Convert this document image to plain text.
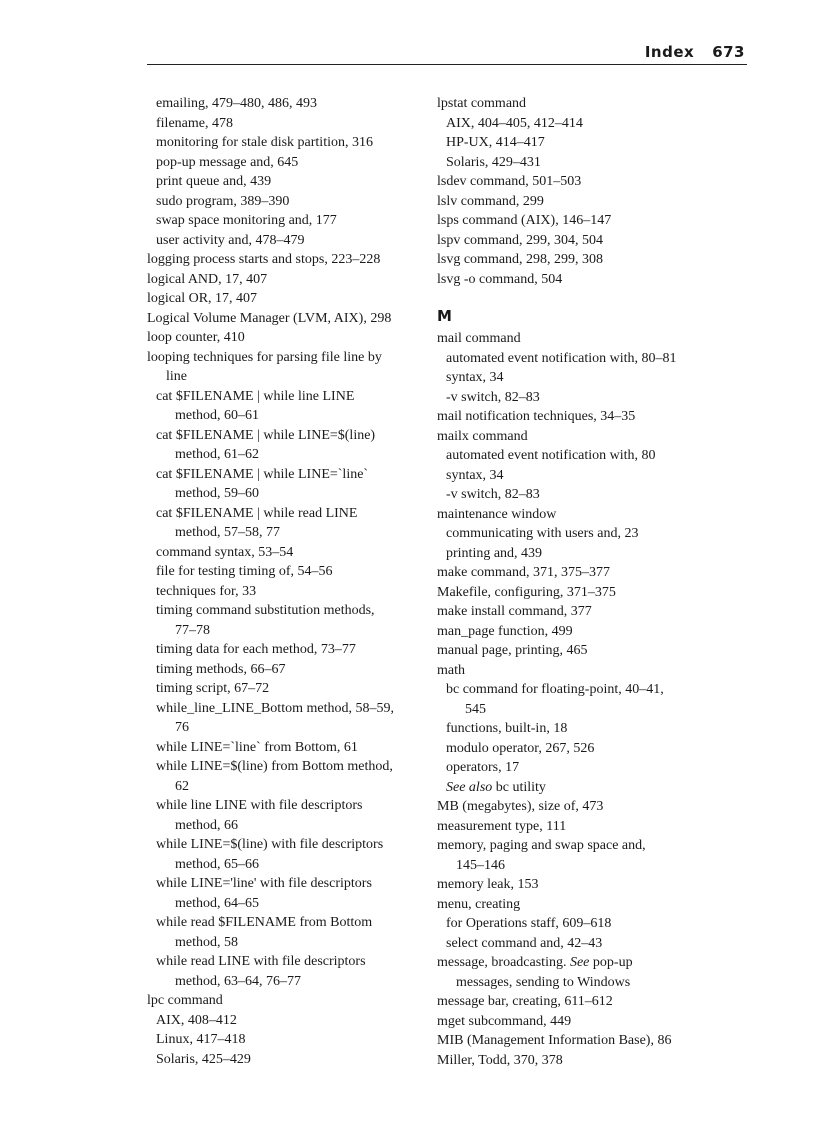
Index 673
emailing, 479–480, 486, 493
filename, 478
monitoring for stale disk partition, 316
pop-up message and, 645
print queue and, 439
sudo program, 389–390
swap space monitoring and, 177
user activity and, 478–479
logging process starts and stops, 223–228
logical AND, 17, 407
logical OR, 17, 407
Logical Volume Manager (LVM, AIX), 298
loop counter, 410
looping techniques for parsing file line by
line
cat $FILENAME | while line LINE
method, 60–61
cat $FILENAME | while LINE=$(line)
method, 61–62
cat $FILENAME | while LINE=`line`
method, 59–60
cat $FILENAME | while read LINE
method, 57–58, 77
command syntax, 53–54
file for testing timing of, 54–56
techniques for, 33
timing command substitution methods,
77–78
timing data for each method, 73–77
timing methods, 66–67
timing script, 67–72
while_line_LINE_Bottom method, 58–59,
76
while LINE=`line` from Bottom, 61
while LINE=$(line) from Bottom method,
62
while line LINE with file descriptors
method, 66
while LINE=$(line) with file descriptors
method, 65–66
while LINE='line' with file descriptors
method, 64–65
while read $FILENAME from Bottom
method, 58
while read LINE with file descriptors
method, 63–64, 76–77
lpc command
AIX, 408–412
Linux, 417–418
Solaris, 425–429
lpstat command
AIX, 404–405, 412–414
HP-UX, 414–417
Solaris, 429–431
lsdev command, 501–503
lslv command, 299
lsps command (AIX), 146–147
lspv command, 299, 304, 504
lsvg command, 298, 299, 308
lsvg -o command, 504
M
mail command
automated event notification with, 80–81
syntax, 34
-v switch, 82–83
mail notification techniques, 34–35
mailx command
automated event notification with, 80
syntax, 34
-v switch, 82–83
maintenance window
communicating with users and, 23
printing and, 439
make command, 371, 375–377
Makefile, configuring, 371–375
make install command, 377
man_page function, 499
manual page, printing, 465
math
bc command for floating-point, 40–41,
545
functions, built-in, 18
modulo operator, 267, 526
operators, 17
See also bc utility
MB (megabytes), size of, 473
measurement type, 111
memory, paging and swap space and,
145–146
memory leak, 153
menu, creating
for Operations staff, 609–618
select command and, 42–43
message, broadcasting. See pop-up
messages, sending to Windows
message bar, creating, 611–612
mget subcommand, 449
MIB (Management Information Base), 86
Miller, Todd, 370, 378
